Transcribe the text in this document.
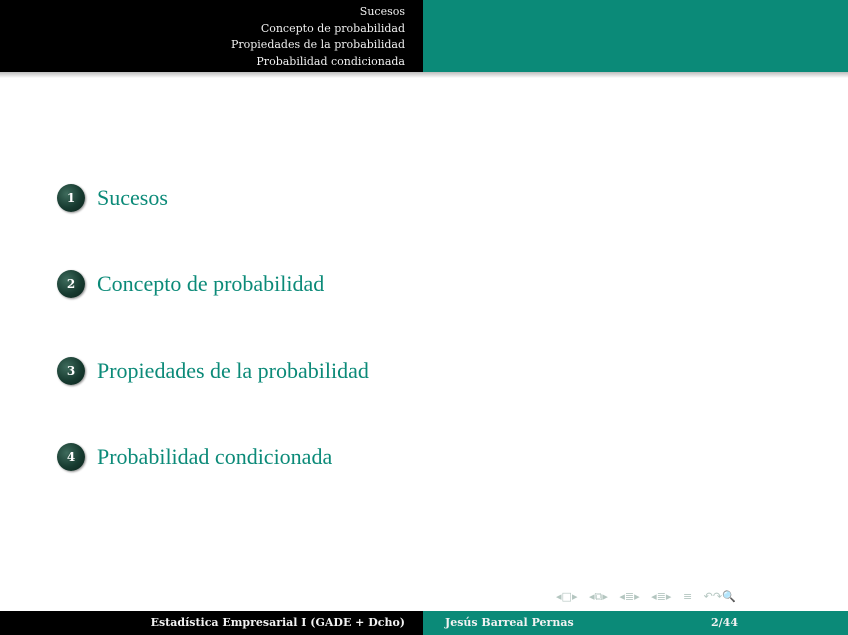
Sucesos
Concepto de probabilidad
Propiedades de la probabilidad
Probabilidad condicionada
1 Sucesos
2 Concepto de probabilidad
3 Propiedades de la probabilidad
4 Probabilidad condicionada
◂□▸ ◂⧉▸ ◂≣▸ ◂≣▸ ≡ ↶↷🔍
Estadística Empresarial I (GADE + Dcho)	Jesús Barreal Pernas	2/44
